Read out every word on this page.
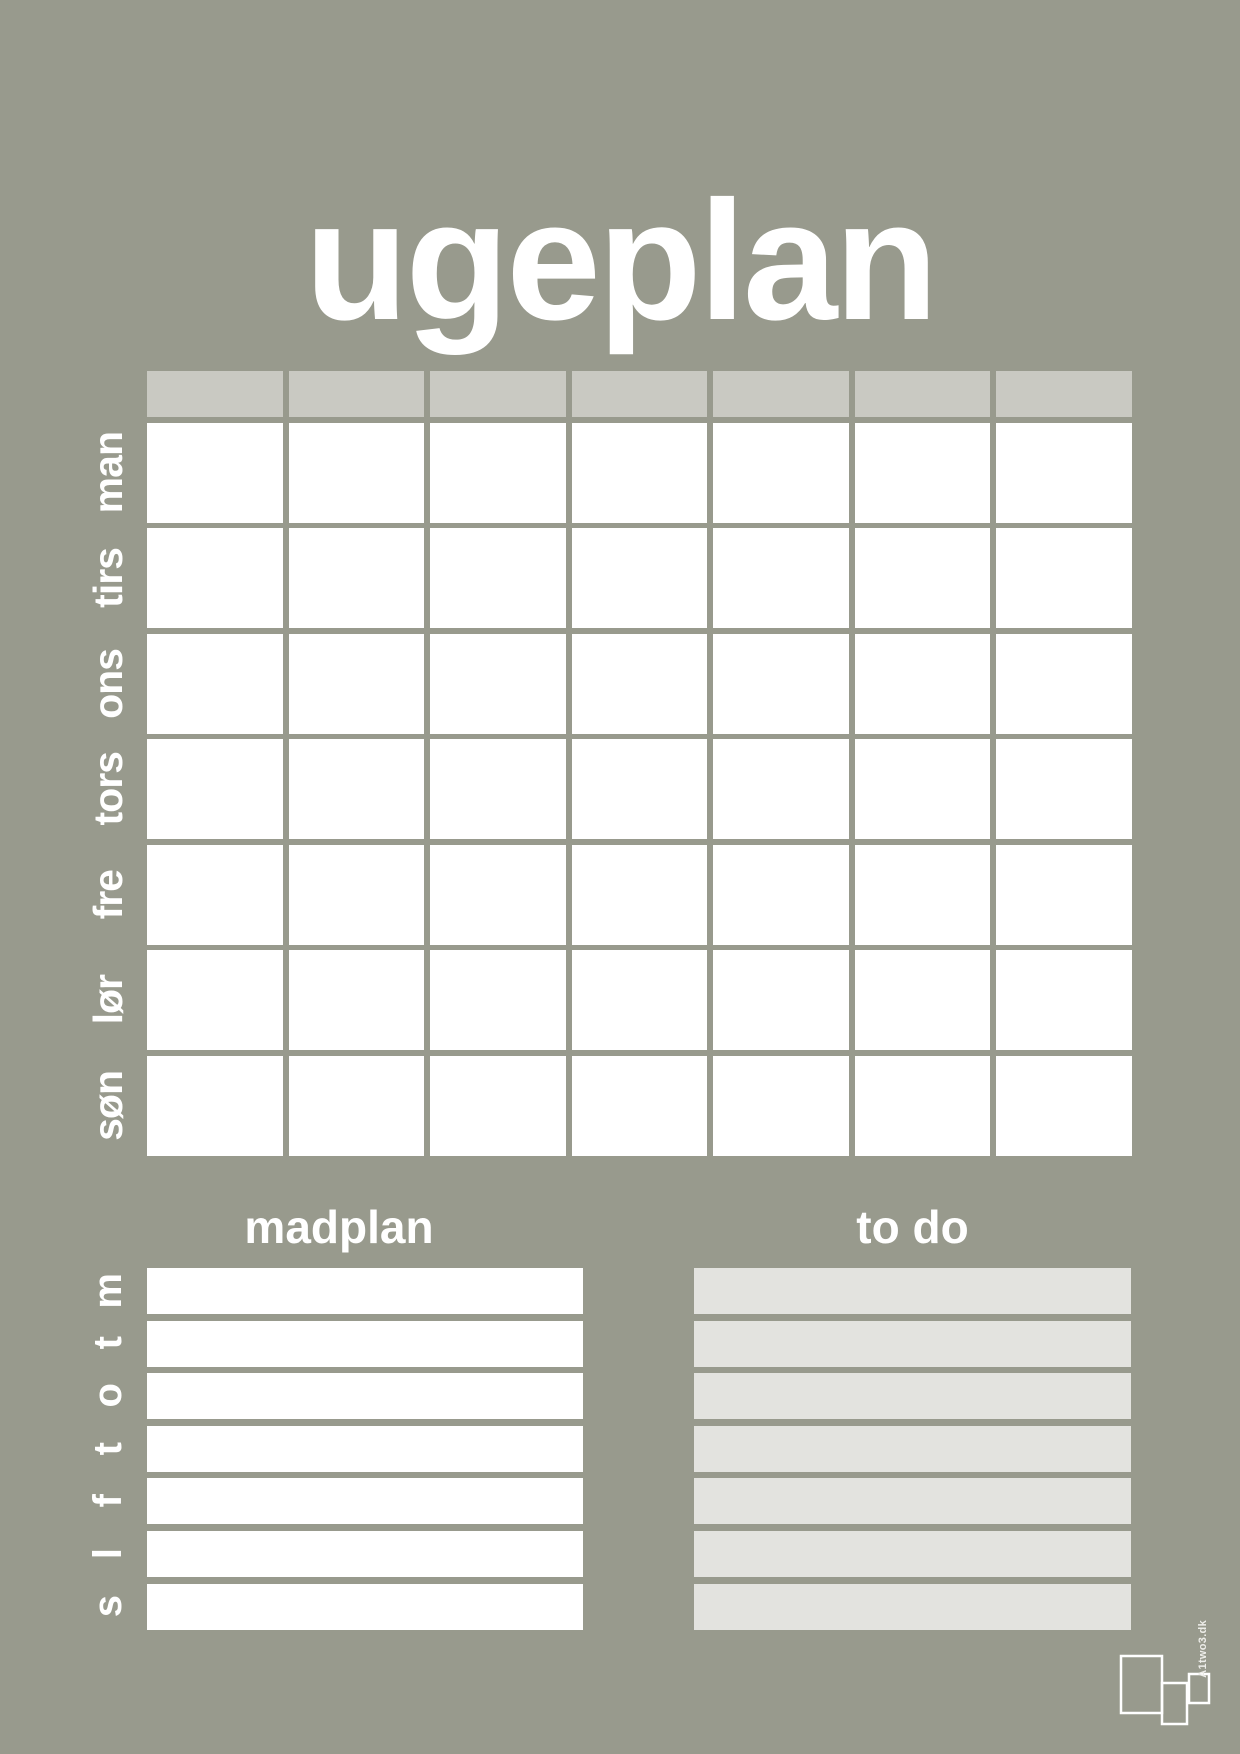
ugeplan
man
tirs
ons
tors
fre
lør
søn
madplan	to do
m
t
o
t
f
l
s
A1two3.dk
